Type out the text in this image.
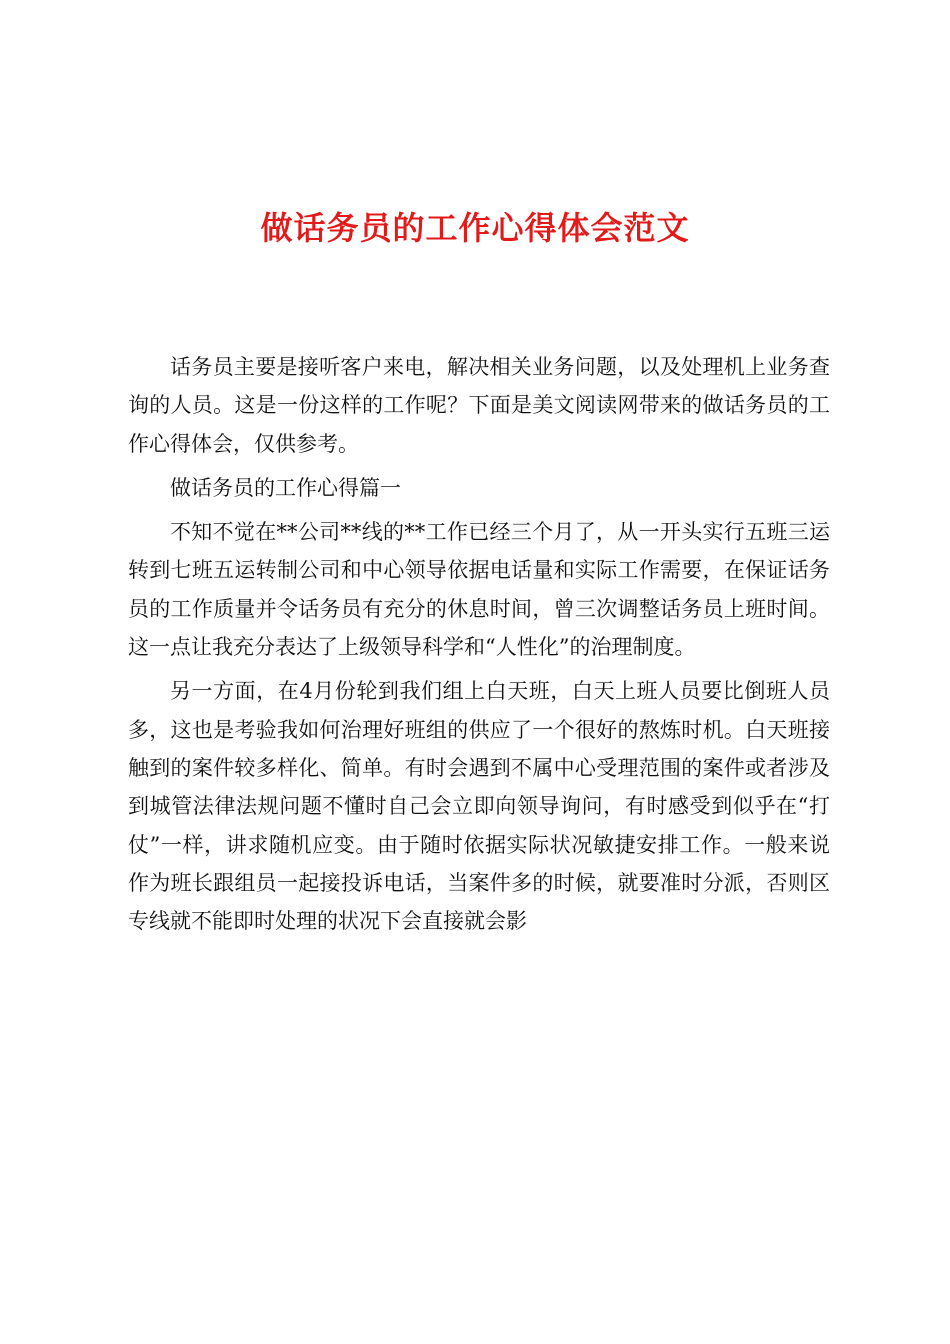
做话务员的工作心得体会范文

话务员主要是接听客户来电，解决相关业务问题，以及处理机上业务查询的人员。这是一份这样的工作呢？下面是美文阅读网带来的做话务员的工作心得体会，仅供参考。

做话务员的工作心得篇一

不知不觉在**公司**线的**工作已经三个月了，从一开头实行五班三运转到七班五运转制公司和中心领导依据电话量和实际工作需要，在保证话务员的工作质量并令话务员有充分的休息时间，曾三次调整话务员上班时间。这一点让我充分表达了上级领导科学和“人性化”的治理制度。

另一方面，在4月份轮到我们组上白天班，白天上班人员要比倒班人员多，这也是考验我如何治理好班组的供应了一个很好的熬炼时机。白天班接触到的案件较多样化、简单。有时会遇到不属中心受理范围的案件或者涉及到城管法律法规问题不懂时自己会立即向领导询问，有时感受到似乎在“打仗”一样，讲求随机应变。由于随时依据实际状况敏捷安排工作。一般来说作为班长跟组员一起接投诉电话，当案件多的时候，就要准时分派，否则区专线就不能即时处理的状况下会直接就会影
